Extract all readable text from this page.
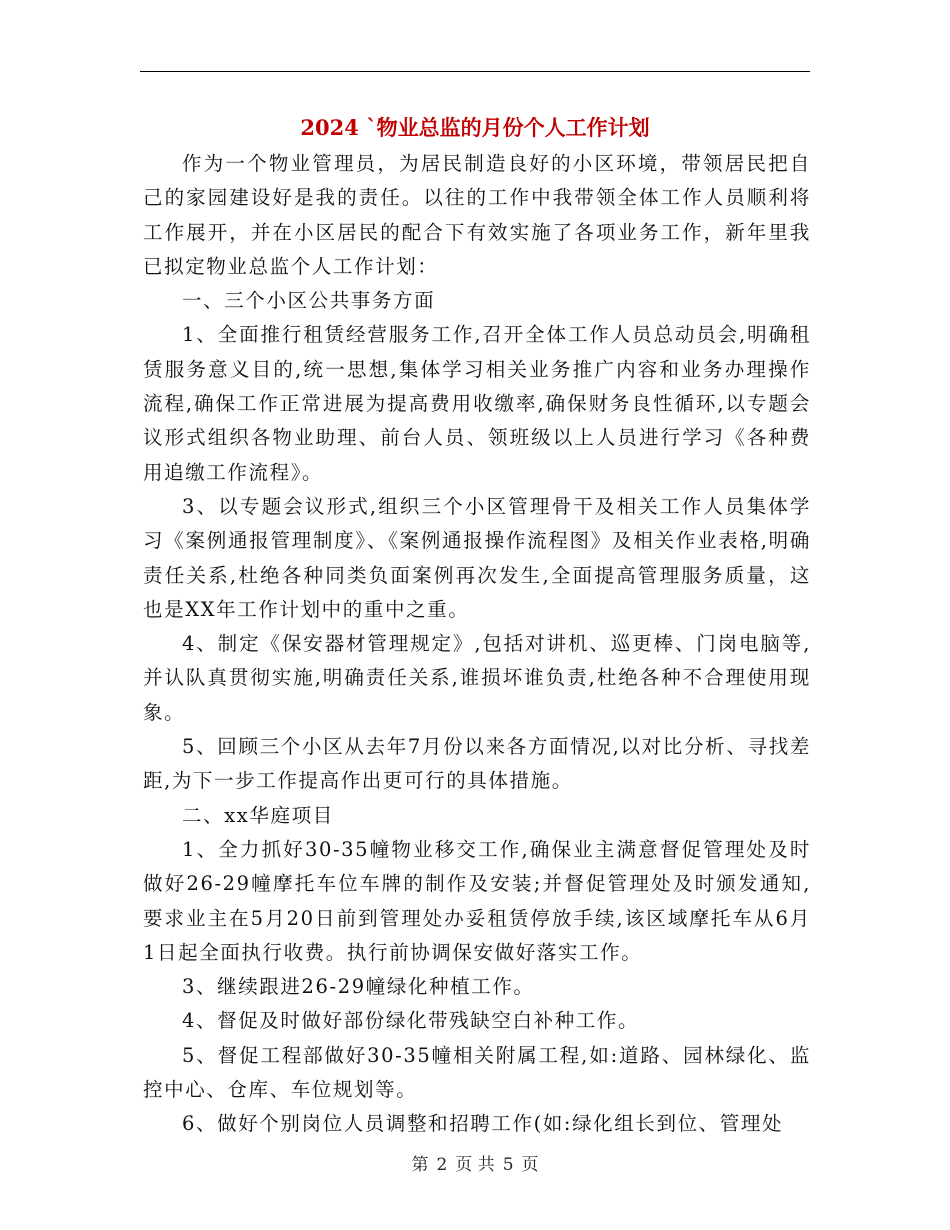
2024 `物业总监的月份个人工作计划

作为一个物业管理员，为居民制造良好的小区环境，带领居民把自己的家园建设好是我的责任。以往的工作中我带领全体工作人员顺利将工作展开，并在小区居民的配合下有效实施了各项业务工作，新年里我已拟定物业总监个人工作计划：

一、三个小区公共事务方面

1、全面推行租赁经营服务工作,召开全体工作人员总动员会,明确租赁服务意义目的,统一思想,集体学习相关业务推广内容和业务办理操作流程,确保工作正常进展为提高费用收缴率,确保财务良性循环,以专题会议形式组织各物业助理、前台人员、领班级以上人员进行学习《各种费用追缴工作流程》。

3、以专题会议形式,组织三个小区管理骨干及相关工作人员集体学习《案例通报管理制度》、《案例通报操作流程图》及相关作业表格,明确责任关系,杜绝各种同类负面案例再次发生,全面提高管理服务质量，这也是XX年工作计划中的重中之重。

4、制定《保安器材管理规定》,包括对讲机、巡更棒、门岗电脑等,并认队真贯彻实施,明确责任关系,谁损坏谁负责,杜绝各种不合理使用现象。

5、回顾三个小区从去年7月份以来各方面情况,以对比分析、寻找差距,为下一步工作提高作出更可行的具体措施。

二、xx华庭项目

1、全力抓好30-35幢物业移交工作,确保业主满意督促管理处及时做好26-29幢摩托车位车牌的制作及安装;并督促管理处及时颁发通知,要求业主在5月20日前到管理处办妥租赁停放手续,该区域摩托车从6月1日起全面执行收费。执行前协调保安做好落实工作。

3、继续跟进26-29幢绿化种植工作。

4、督促及时做好部份绿化带残缺空白补种工作。

5、督促工程部做好30-35幢相关附属工程,如:道路、园林绿化、监控中心、仓库、车位规划等。

6、做好个别岗位人员调整和招聘工作(如:绿化组长到位、管理处

第 2 页 共 5 页
